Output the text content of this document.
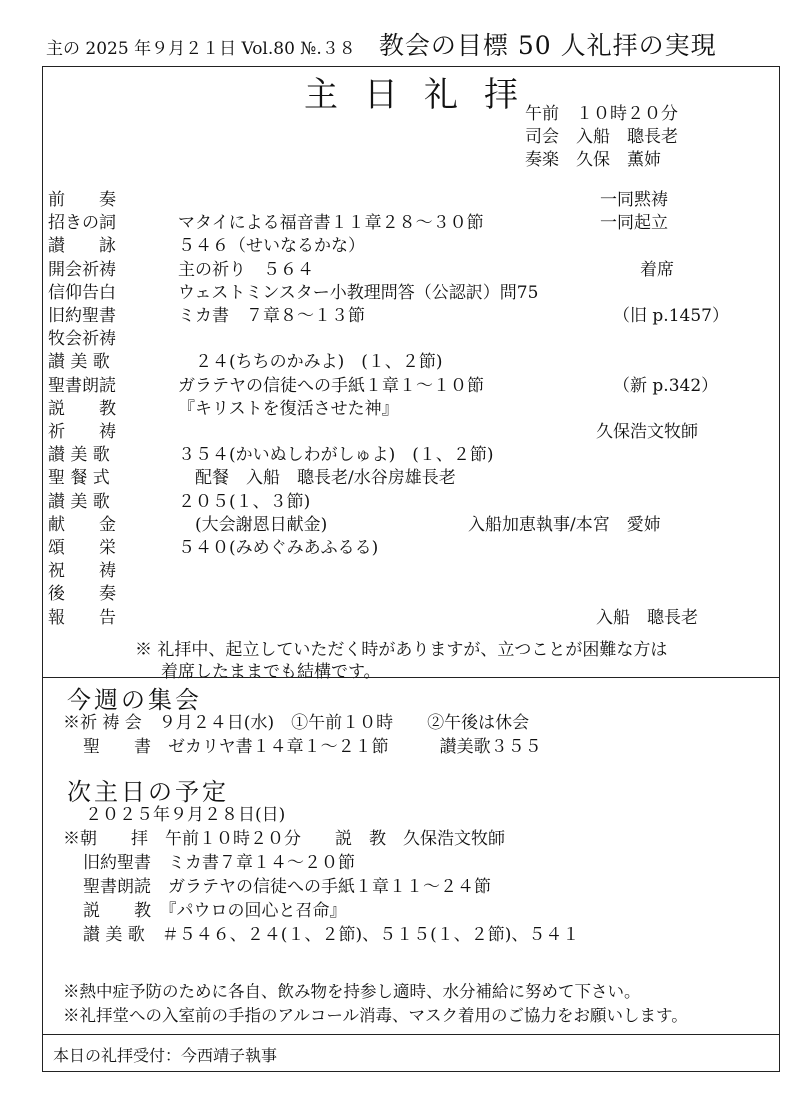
主の 2025 年９月２１日 Vol.80 №.３８ 教会の目標 50 人礼拝の実現
主日礼拝
午前　１０時２０分
司会　入船　聰長老
奏楽　久保　薫姉
前　　奏	一同黙祷
招きの詞	マタイによる福音書１１章２８～３０節	一同起立
讃　　詠	５４６（せいなるかな）
開会祈祷	主の祈り　５６４	着席
信仰告白	ウェストミンスター小教理問答（公認訳）問75
旧約聖書	ミカ書　７章８～１３節	（旧 p.1457）
牧会祈祷
讃 美 歌	　２４(ちちのかみよ)　(１、２節)
聖書朗読	ガラテヤの信徒への手紙１章１～１０節	（新 p.342）
説　　教	『キリストを復活させた神』
祈　　祷	久保浩文牧師
讃 美 歌	３５４(かいぬしわがしゅよ)　(１、２節)
聖 餐 式	　配餐　入船　聰長老/水谷房雄長老
讃 美 歌	２０５(１、３節)
献　　金	　(大会謝恩日献金)	入船加恵執事/本宮　愛姉
頌　　栄	５４０(みめぐみあふるる)
祝　　祷
後　　奏
報　　告	入船　聰長老
※ 礼拝中、起立していただく時がありますが、立つことが困難な方は
着席したままでも結構です。
今週の集会
※祈 祷 会　９月２４日(水)　①午前１０時　　②午後は休会
聖　　書　ゼカリヤ書１４章１～２１節　　　讃美歌３５５
次主日の予定
２０２５年９月２８日(日)
※朝　　拝　午前１０時２０分　　説　教　久保浩文牧師
旧約聖書　ミカ書７章１４～２０節
聖書朗読　ガラテヤの信徒への手紙１章１１～２４節
説　　教　『パウロの回心と召命』
讃 美 歌　＃５４６、２４(１、２節)、５１５(１、２節)、５４１
※熱中症予防のために各自、飲み物を持参し適時、水分補給に努めて下さい。
※礼拝堂への入室前の手指のアルコール消毒、マスク着用のご協力をお願いします。
本日の礼拝受付：今西靖子執事
